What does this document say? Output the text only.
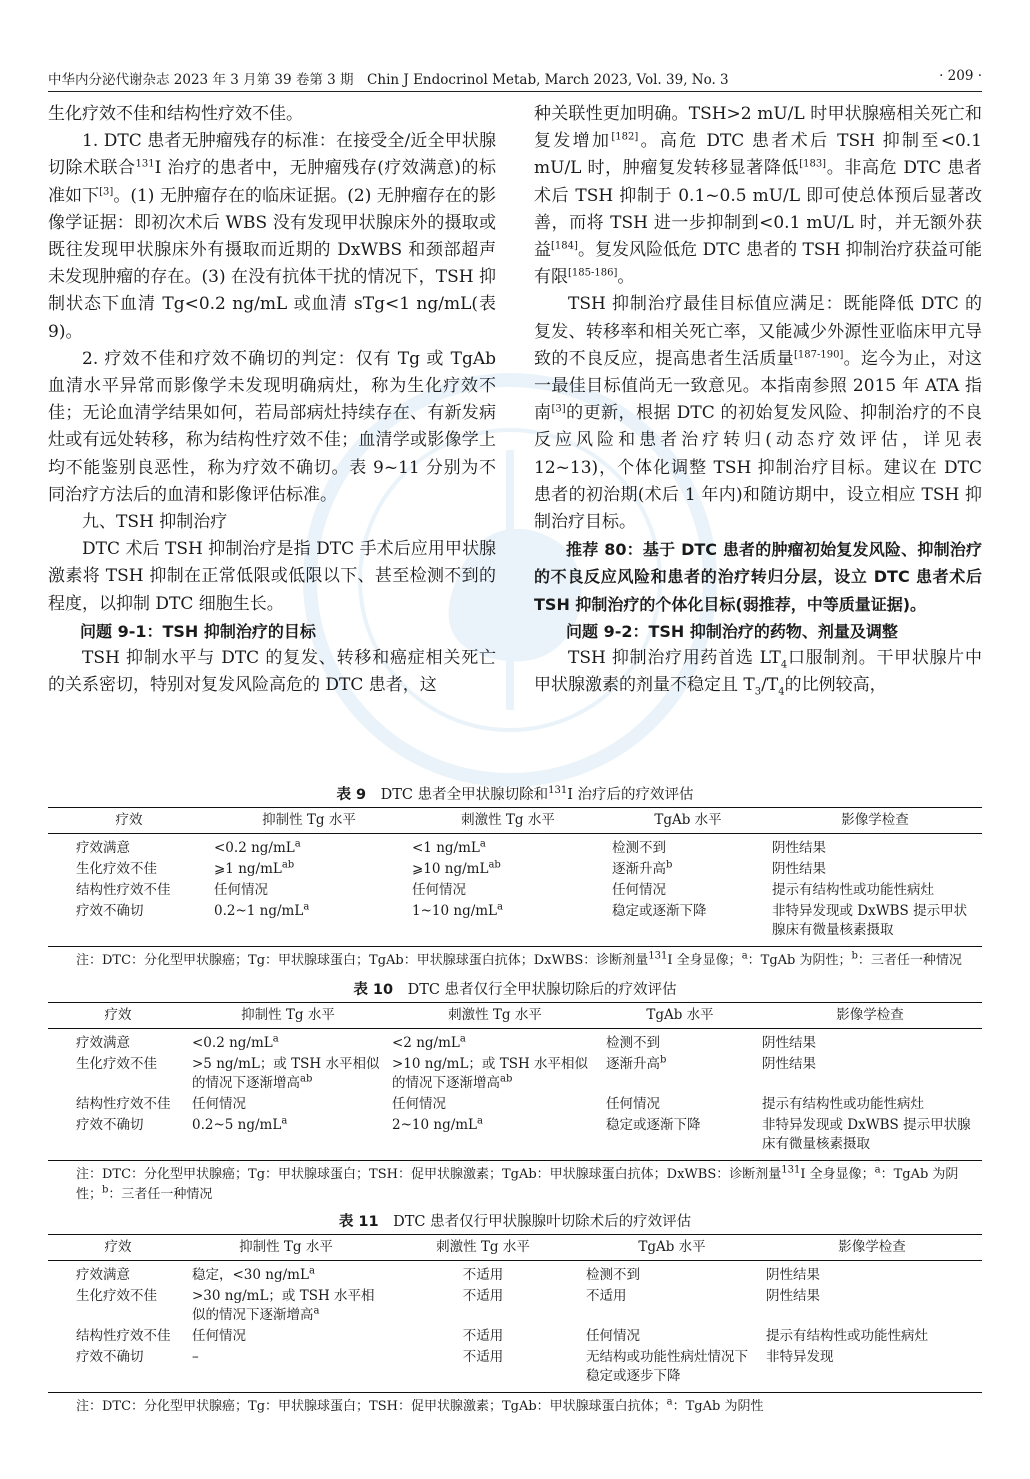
中华内分泌代谢杂志 2023 年 3 月第 39 卷第 3 期　Chin J Endocrinol Metab, March 2023, Vol. 39, No. 3	· 209 ·

生化疗效不佳和结构性疗效不佳。

1. DTC 患者无肿瘤残存的标准：在接受全/近全甲状腺切除术联合$^{131}$I 治疗的患者中，无肿瘤残存(疗效满意)的标准如下[3]。(1) 无肿瘤存在的临床证据。(2) 无肿瘤存在的影像学证据：即初次术后 WBS 没有发现甲状腺床外的摄取或既往发现甲状腺床外有摄取而近期的 DxWBS 和颈部超声未发现肿瘤的存在。(3) 在没有抗体干扰的情况下，TSH 抑制状态下血清 Tg<0.2 ng/mL 或血清 sTg<1 ng/mL(表 9)。

2. 疗效不佳和疗效不确切的判定：仅有 Tg 或 TgAb 血清水平异常而影像学未发现明确病灶，称为生化疗效不佳；无论血清学结果如何，若局部病灶持续存在、有新发病灶或有远处转移，称为结构性疗效不佳；血清学或影像学上均不能鉴别良恶性，称为疗效不确切。表 9~11 分别为不同治疗方法后的血清和影像评估标准。

九、TSH 抑制治疗

DTC 术后 TSH 抑制治疗是指 DTC 手术后应用甲状腺激素将 TSH 抑制在正常低限或低限以下、甚至检测不到的程度，以抑制 DTC 细胞生长。

问题 9-1：TSH 抑制治疗的目标

TSH 抑制水平与 DTC 的复发、转移和癌症相关死亡的关系密切，特别对复发风险高危的 DTC 患者，这

种关联性更加明确。TSH>2 mU/L 时甲状腺癌相关死亡和复发增加[182]。高危 DTC 患者术后 TSH 抑制至<0.1 mU/L 时，肿瘤复发转移显著降低[183]。非高危 DTC 患者术后 TSH 抑制于 0.1~0.5 mU/L 即可使总体预后显著改善，而将 TSH 进一步抑制到<0.1 mU/L 时，并无额外获益[184]。复发风险低危 DTC 患者的 TSH 抑制治疗获益可能有限[185-186]。

TSH 抑制治疗最佳目标值应满足：既能降低 DTC 的复发、转移率和相关死亡率，又能减少外源性亚临床甲亢导致的不良反应，提高患者生活质量[187-190]。迄今为止，对这一最佳目标值尚无一致意见。本指南参照 2015 年 ATA 指南[3]的更新，根据 DTC 的初始复发风险、抑制治疗的不良反应风险和患者治疗转归(动态疗效评估，详见表 12~13)，个体化调整 TSH 抑制治疗目标。建议在 DTC 患者的初治期(术后 1 年内)和随访期中，设立相应 TSH 抑制治疗目标。

推荐 80：基于 DTC 患者的肿瘤初始复发风险、抑制治疗的不良反应风险和患者的治疗转归分层，设立 DTC 患者术后 TSH 抑制治疗的个体化目标(弱推荐，中等质量证据)。

问题 9-2：TSH 抑制治疗的药物、剂量及调整

TSH 抑制治疗用药首选 $LT_4$口服制剂。干甲状腺片中甲状腺激素的剂量不稳定且 $T_3/T_4$的比例较高，

表 9　 DTC 患者全甲状腺切除和$^{131}$I 治疗后的疗效评估
疗效	抑制性 Tg 水平	刺激性 Tg 水平	TgAb 水平	影像学检查
疗效满意	<0.2 $ng/mL^a$	<1 $ng/mL^a$	检测不到	阴性结果
生化疗效不佳	⩾1 $ng/mL^{ab}$	⩾10 $ng/mL^{ab}$	逐渐升高$^b$	阴性结果
结构性疗效不佳	任何情况	任何情况	任何情况	提示有结构性或功能性病灶
疗效不确切	0.2~1 $ng/mL^a$	1~10 $ng/mL^a$	稳定或逐渐下降	非特异发现或 DxWBS 提示甲状腺床有微量核素摄取
注：DTC：分化型甲状腺癌；Tg：甲状腺球蛋白；TgAb：甲状腺球蛋白抗体；DxWBS：诊断剂量$^{131}$I 全身显像；$^a$：TgAb 为阴性；$^b$：三者任一种情况
表 10　 DTC 患者仅行全甲状腺切除后的疗效评估
疗效	抑制性 Tg 水平	刺激性 Tg 水平	TgAb 水平	影像学检查
疗效满意	<0.2 $ng/mL^a$	<2 $ng/mL^a$	检测不到	阴性结果
生化疗效不佳	>5 ng/mL；或 TSH 水平相似的情况下逐渐增高$^{ab}$	>10 ng/mL；或 TSH 水平相似的情况下逐渐增高$^{ab}$	逐渐升高$^b$	阴性结果
结构性疗效不佳	任何情况	任何情况	任何情况	提示有结构性或功能性病灶
疗效不确切	0.2~5 $ng/mL^a$	2~10 $ng/mL^a$	稳定或逐渐下降	非特异发现或 DxWBS 提示甲状腺床有微量核素摄取
注：DTC：分化型甲状腺癌；Tg：甲状腺球蛋白；TSH：促甲状腺激素；TgAb：甲状腺球蛋白抗体；DxWBS：诊断剂量$^{131}$I 全身显像；$^a$：TgAb 为阴性；$^b$：三者任一种情况
表 11　 DTC 患者仅行甲状腺腺叶切除术后的疗效评估
疗效	抑制性 Tg 水平	刺激性 Tg 水平	TgAb 水平	影像学检查
疗效满意	稳定，<30 $ng/mL^a$	不适用	检测不到	阴性结果
生化疗效不佳	>30 ng/mL；或 TSH 水平相似的情况下逐渐增高$^a$	不适用	不适用	阴性结果
结构性疗效不佳	任何情况	不适用	任何情况	提示有结构性或功能性病灶
疗效不确切	–	不适用	无结构或功能性病灶情况下稳定或逐步下降	非特异发现
注：DTC：分化型甲状腺癌；Tg：甲状腺球蛋白；TSH：促甲状腺激素；TgAb：甲状腺球蛋白抗体；$^a$：TgAb 为阴性
